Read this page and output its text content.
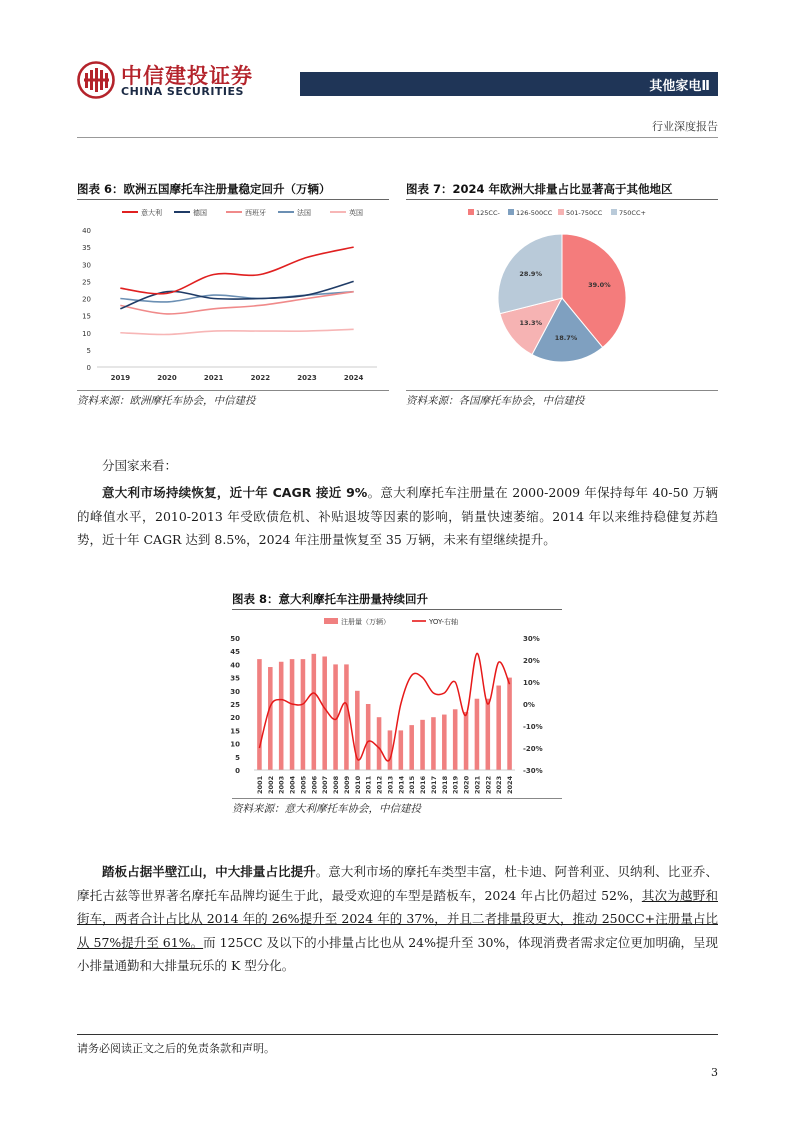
中信建投证券
CHINA SECURITIES	其他家电Ⅱ
行业深度报告
图表 6：欧洲五国摩托车注册量稳定回升（万辆）
意大利	德国	西班牙	法国	英国
0
5
10
15
20
25
30
35
40
2019	2020	2021	2022	2023	2024
资料来源：欧洲摩托车协会，中信建投
图表 7：2024 年欧洲大排量占比显著高于其他地区
125CC- 126-500CC 501-750CC	750CC+
39.0%
18.7%
13.3%
28.9%
资料来源：各国摩托车协会，中信建投
分国家来看：
意大利市场持续恢复，近十年 CAGR 接近 9%。意大利摩托车注册量在 2000-2009 年保持每年 40-50 万辆的峰值水平，2010-2013 年受欧债危机、补贴退坡等因素的影响，销量快速萎缩。2014 年以来维持稳健复苏趋势，近十年 CAGR 达到 8.5%，2024 年注册量恢复至 35 万辆，未来有望继续提升。
图表 8：意大利摩托车注册量持续回升
注册量（万辆）	YOY-右轴
0
5
10
15
20
25
30
35
40
45
50
-30%
-20%
-10%
0%
10%
20%
30%
2001 2002 2003 2004 2005 2006 2007 2008 2009 2010 2011 2012 2013 2014 2015 2016 2017 2018 2019 2020 2021 2022 2023 2024
资料来源：意大利摩托车协会，中信建投
踏板占据半壁江山，中大排量占比提升。意大利市场的摩托车类型丰富，杜卡迪、阿普利亚、贝纳利、比亚乔、摩托古兹等世界著名摩托车品牌均诞生于此，最受欢迎的车型是踏板车，2024 年占比仍超过 52%，其次为越野和街车，两者合计占比从 2014 年的 26%提升至 2024 年的 37%，并且二者排量段更大，推动 250CC+注册量占比从 57%提升至 61%。而 125CC 及以下的小排量占比也从 24%提升至 30%，体现消费者需求定位更加明确，呈现小排量通勤和大排量玩乐的 K 型分化。
请务必阅读正文之后的免责条款和声明。
3
